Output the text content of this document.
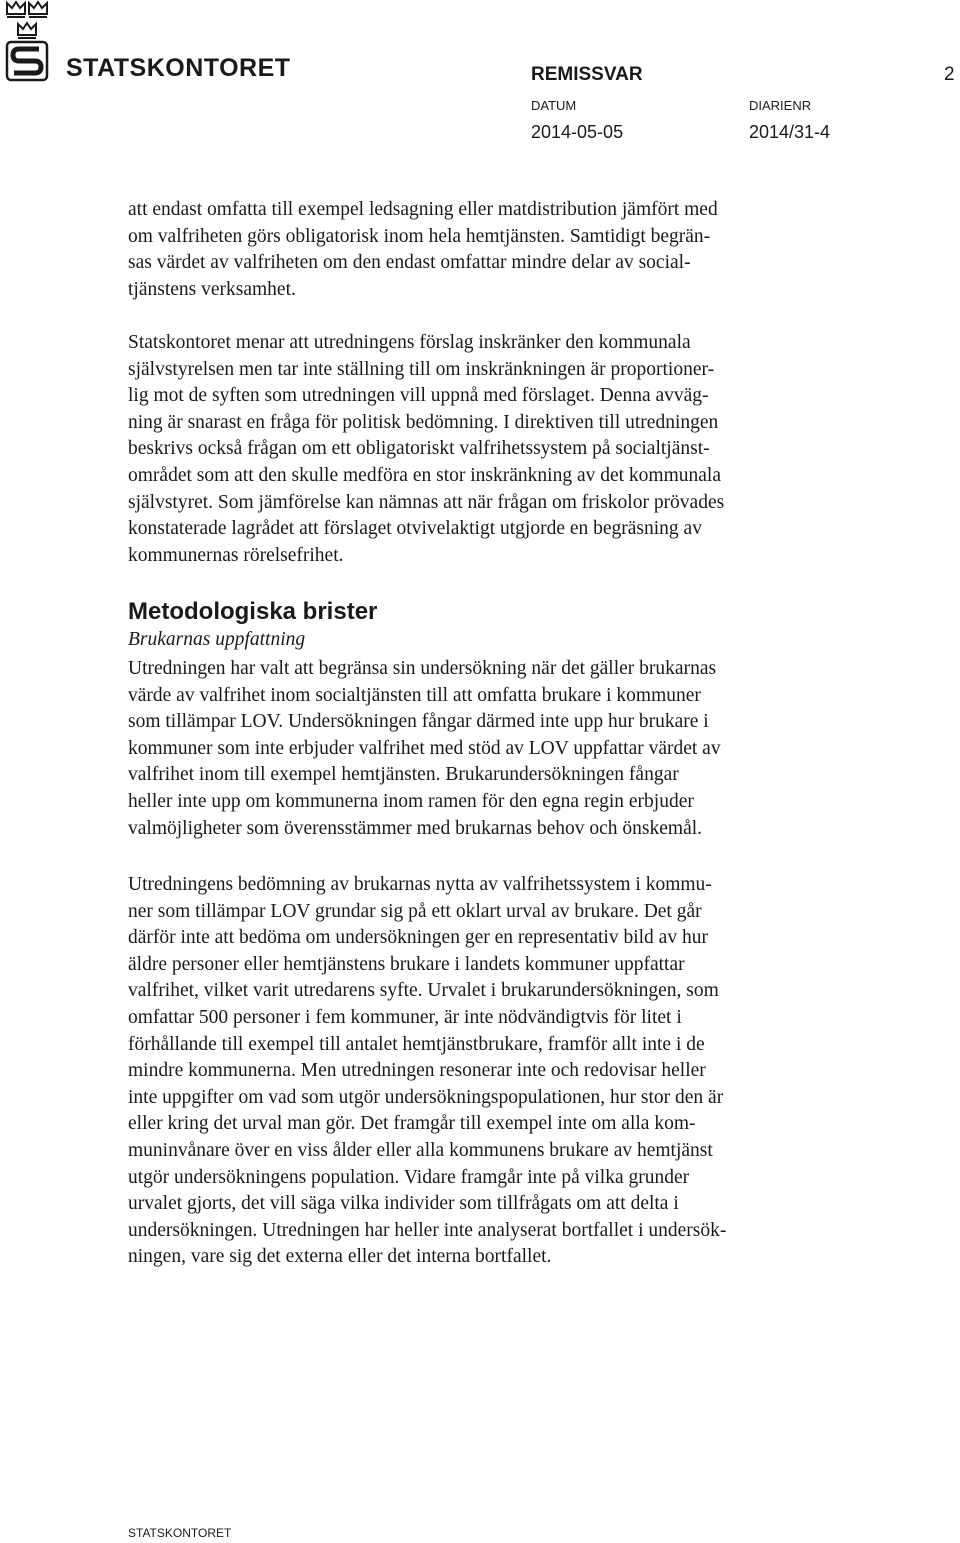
STATSKONTORET	REMISSVAR	2
DATUM	DIARIENR
2014-05-05	2014/31-4

att endast omfatta till exempel ledsagning eller matdistribution jämfört med
om valfriheten görs obligatorisk inom hela hemtjänsten. Samtidigt begrän-
sas värdet av valfriheten om den endast omfattar mindre delar av social-
tjänstens verksamhet.

Statskontoret menar att utredningens förslag inskränker den kommunala
självstyrelsen men tar inte ställning till om inskränkningen är proportioner-
lig mot de syften som utredningen vill uppnå med förslaget. Denna avväg-
ning är snarast en fråga för politisk bedömning. I direktiven till utredningen
beskrivs också frågan om ett obligatoriskt valfrihetssystem på socialtjänst-
området som att den skulle medföra en stor inskränkning av det kommunala
självstyret. Som jämförelse kan nämnas att när frågan om friskolor prövades
konstaterade lagrådet att förslaget otvivelaktigt utgjorde en begräsning av
kommunernas rörelsefrihet.

Metodologiska brister
Brukarnas uppfattning

Utredningen har valt att begränsa sin undersökning när det gäller brukarnas
värde av valfrihet inom socialtjänsten till att omfatta brukare i kommuner
som tillämpar LOV. Undersökningen fångar därmed inte upp hur brukare i
kommuner som inte erbjuder valfrihet med stöd av LOV uppfattar värdet av
valfrihet inom till exempel hemtjänsten. Brukarundersökningen fångar
heller inte upp om kommunerna inom ramen för den egna regin erbjuder
valmöjligheter som överensstämmer med brukarnas behov och önskemål.

Utredningens bedömning av brukarnas nytta av valfrihetssystem i kommu-
ner som tillämpar LOV grundar sig på ett oklart urval av brukare. Det går
därför inte att bedöma om undersökningen ger en representativ bild av hur
äldre personer eller hemtjänstens brukare i landets kommuner uppfattar
valfrihet, vilket varit utredarens syfte. Urvalet i brukarundersökningen, som
omfattar 500 personer i fem kommuner, är inte nödvändigtvis för litet i
förhållande till exempel till antalet hemtjänstbrukare, framför allt inte i de
mindre kommunerna. Men utredningen resonerar inte och redovisar heller
inte uppgifter om vad som utgör undersökningspopulationen, hur stor den är
eller kring det urval man gör. Det framgår till exempel inte om alla kom-
muninvånare över en viss ålder eller alla kommunens brukare av hemtjänst
utgör undersökningens population. Vidare framgår inte på vilka grunder
urvalet gjorts, det vill säga vilka individer som tillfrågats om att delta i
undersökningen. Utredningen har heller inte analyserat bortfallet i undersök-
ningen, vare sig det externa eller det interna bortfallet.

STATSKONTORET
